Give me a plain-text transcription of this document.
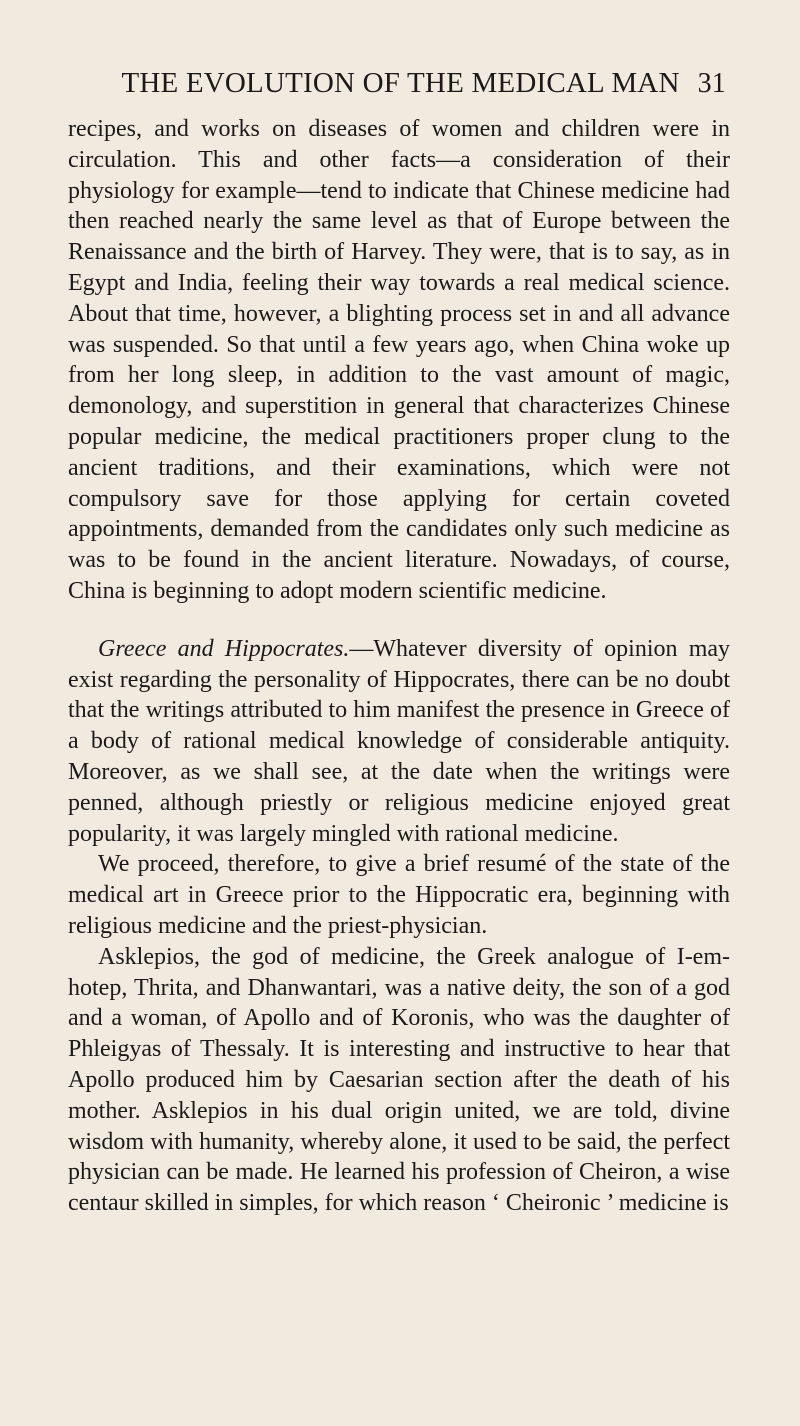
THE EVOLUTION OF THE MEDICAL MAN 31

recipes, and works on diseases of women and children were in circulation. This and other facts—a consideration of their physiology for example—tend to indicate that Chinese medicine had then reached nearly the same level as that of Europe between the Renaissance and the birth of Harvey. They were, that is to say, as in Egypt and India, feeling their way towards a real medical science. About that time, however, a blighting process set in and all advance was suspended. So that until a few years ago, when China woke up from her long sleep, in addition to the vast amount of magic, demonology, and superstition in general that characterizes Chinese popular medicine, the medical practitioners proper clung to the ancient traditions, and their examinations, which were not compulsory save for those applying for certain coveted appointments, demanded from the candidates only such medicine as was to be found in the ancient literature. Nowadays, of course, China is beginning to adopt modern scientific medicine.

Greece and Hippocrates.—Whatever diversity of opinion may exist regarding the personality of Hippocrates, there can be no doubt that the writings attributed to him manifest the presence in Greece of a body of rational medical knowledge of considerable antiquity. Moreover, as we shall see, at the date when the writings were penned, although priestly or religious medicine enjoyed great popularity, it was largely mingled with rational medicine.

We proceed, therefore, to give a brief resumé of the state of the medical art in Greece prior to the Hippocratic era, beginning with religious medicine and the priest-physician.

Asklepios, the god of medicine, the Greek analogue of I-em-hotep, Thrita, and Dhanwantari, was a native deity, the son of a god and a woman, of Apollo and of Koronis, who was the daughter of Phleigyas of Thessaly. It is interesting and instructive to hear that Apollo produced him by Caesarian section after the death of his mother. Asklepios in his dual origin united, we are told, divine wisdom with humanity, whereby alone, it used to be said, the perfect physician can be made. He learned his profession of Cheiron, a wise centaur skilled in simples, for which reason ‘ Cheironic ’ medicine is
